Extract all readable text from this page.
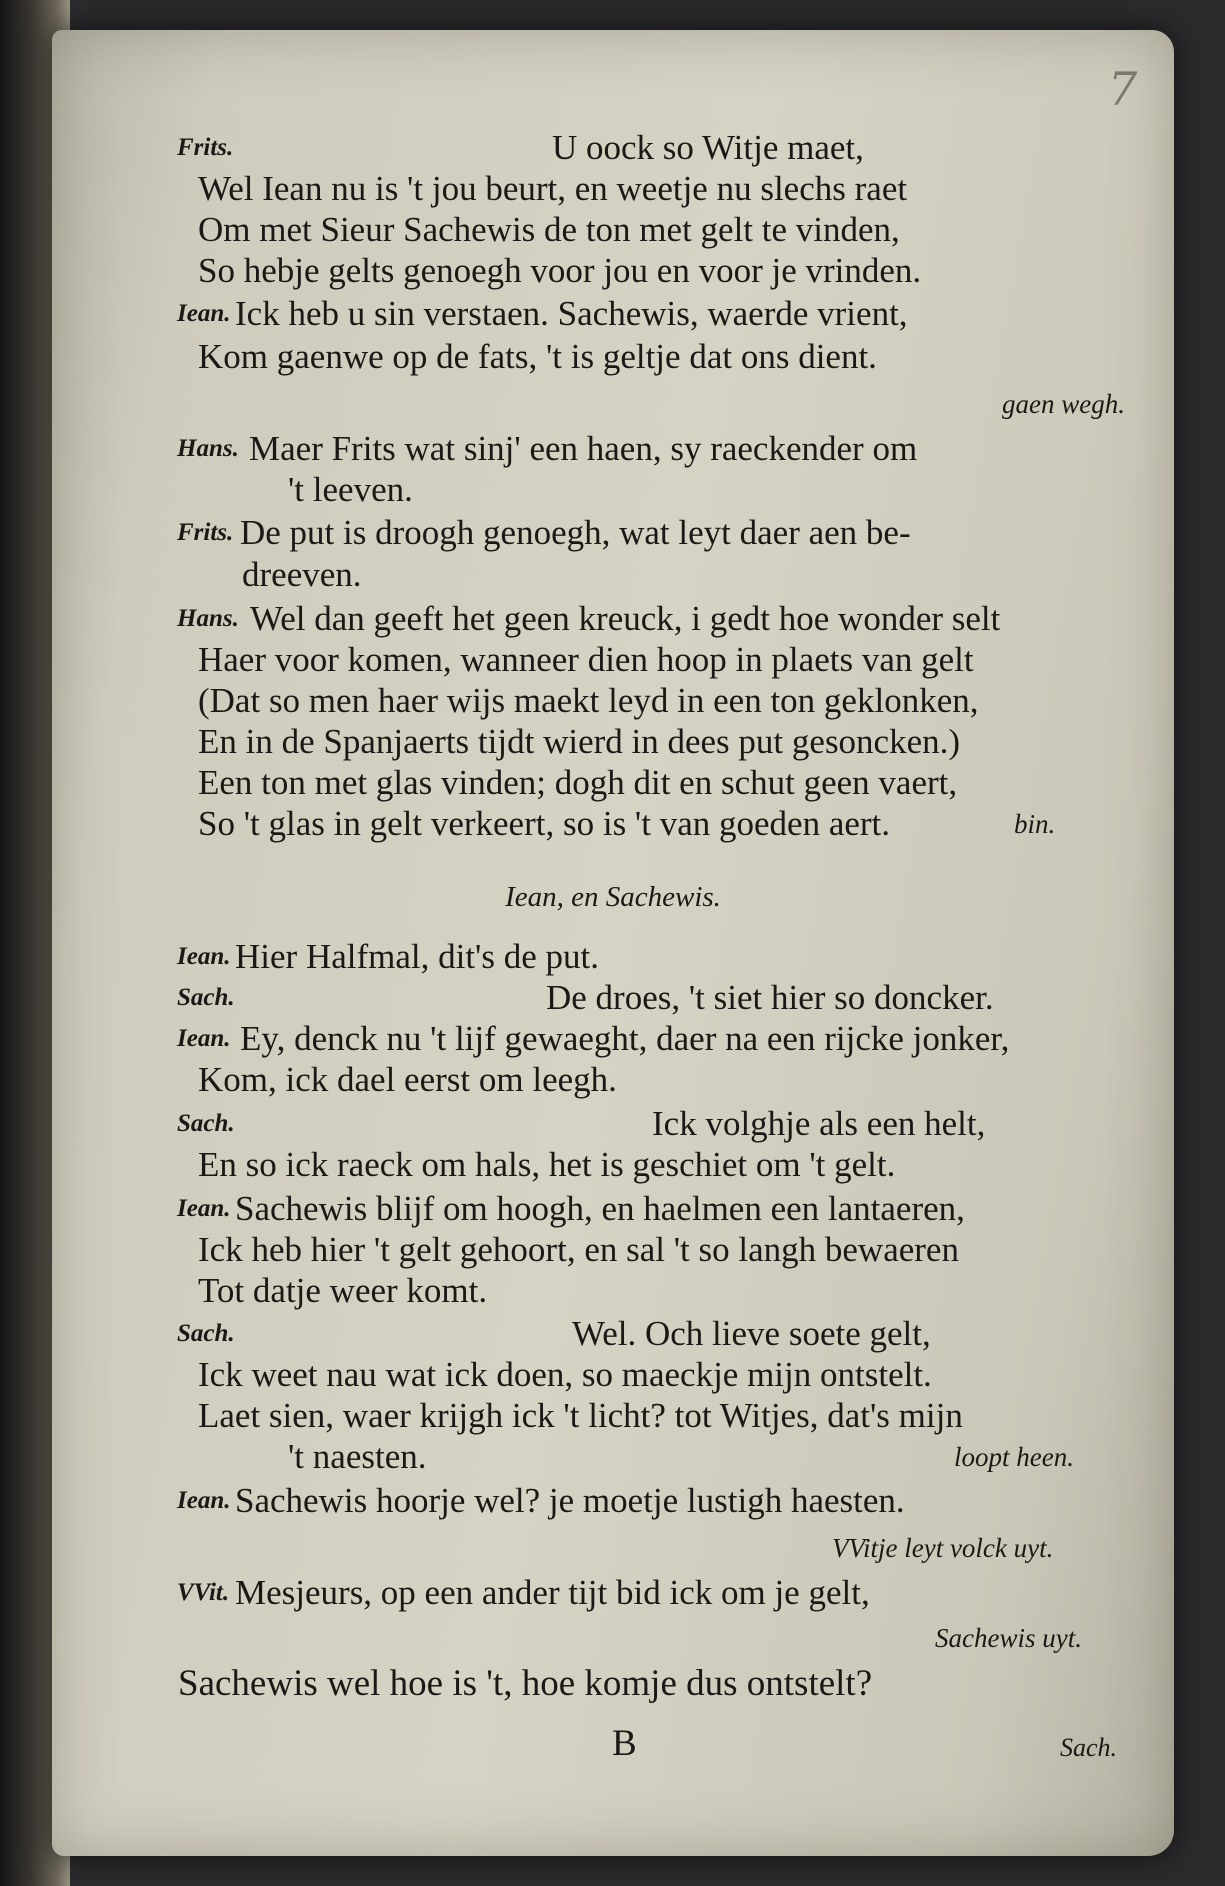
7
Frits.	U oock so Witje maet,
Wel Iean nu is 't jou beurt, en weetje nu slechs raet
Om met Sieur Sachewis de ton met gelt te vinden,
So hebje gelts genoegh voor jou en voor je vrinden.
Iean. Ick heb u sin verstaen. Sachewis, waerde vrient,
Kom gaenwe op de fats, 't is geltje dat ons dient.
gaen wegh.
Hans. Maer Frits wat sinj' een haen, sy raeckender om
't leeven.
Frits. De put is droogh genoegh, wat leyt daer aen be-
dreeven.
Hans. Wel dan geeft het geen kreuck, i gedt hoe wonder selt
Haer voor komen, wanneer dien hoop in plaets van gelt
(Dat so men haer wijs maekt leyd in een ton geklonken,
En in de Spanjaerts tijdt wierd in dees put gesoncken.)
Een ton met glas vinden; dogh dit en schut geen vaert,
So 't glas in gelt verkeert, so is 't van goeden aert.	bin.
Iean, en Sachewis.
Iean. Hier Halfmal, dit's de put.
Sach.	De droes, 't siet hier so doncker.
Iean. Ey, denck nu 't lijf gewaeght, daer na een rijcke jonker,
Kom, ick dael eerst om leegh.
Sach.	Ick volghje als een helt,
En so ick raeck om hals, het is geschiet om 't gelt.
Iean. Sachewis blijf om hoogh, en haelmen een lantaeren,
Ick heb hier 't gelt gehoort, en sal 't so langh bewaeren
Tot datje weer komt.
Sach.	Wel. Och lieve soete gelt,
Ick weet nau wat ick doen, so maeckje mijn ontstelt.
Laet sien, waer krijgh ick 't licht? tot Witjes, dat's mijn
't naesten.	loopt heen.
Iean. Sachewis hoorje wel? je moetje lustigh haesten.
VVitje leyt volck uyt.
VVit. Mesjeurs, op een ander tijt bid ick om je gelt,
Sachewis uyt.
Sachewis wel hoe is 't, hoe komje dus ontstelt?
B	Sach.
